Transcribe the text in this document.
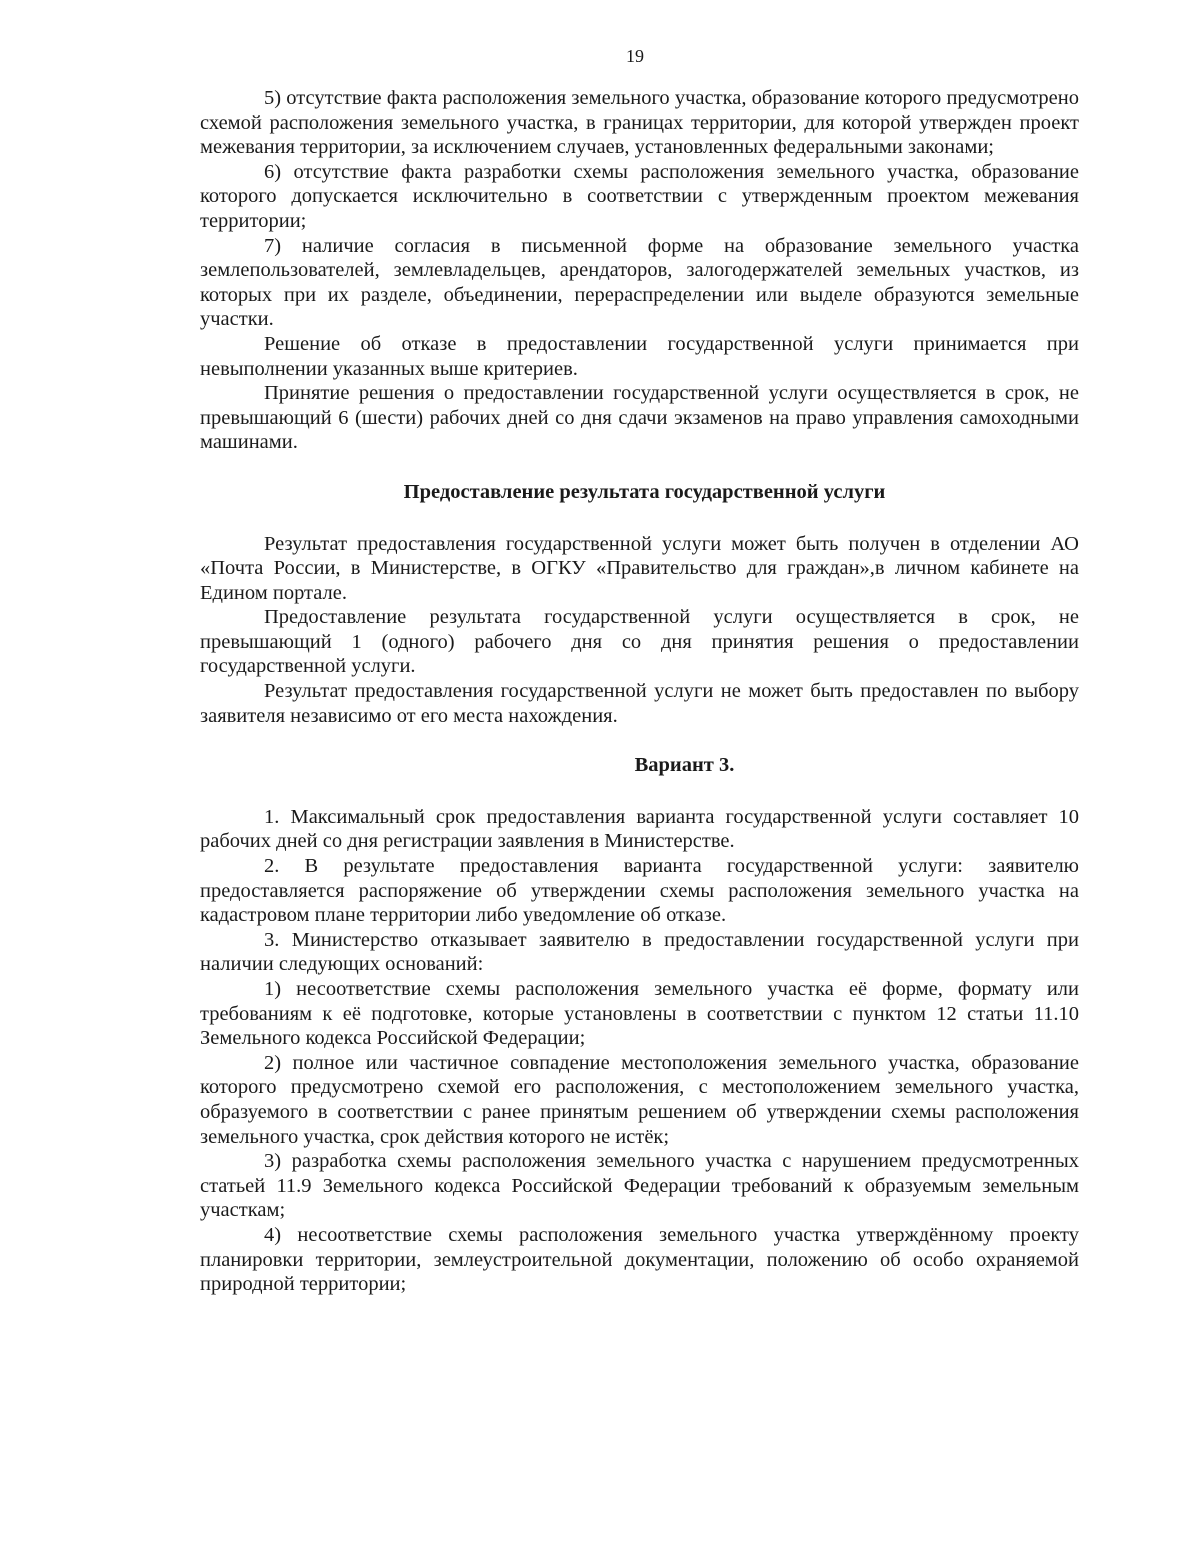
19

5) отсутствие факта расположения земельного участка, образование которого предусмотрено схемой расположения земельного участка, в границах территории, для которой утвержден проект межевания территории, за исключением случаев, установленных федеральными законами;

6) отсутствие факта разработки схемы расположения земельного участка, образование которого допускается исключительно в соответствии с утвержденным проектом межевания территории;

7) наличие согласия в письменной форме на образование земельного участка землепользователей, землевладельцев, арендаторов, залогодержателей земельных участков, из которых при их разделе, объединении, перераспределении или выделе образуются земельные участки.

Решение об отказе в предоставлении государственной услуги принимается при невыполнении указанных выше критериев.

Принятие решения о предоставлении государственной услуги осуществляется в срок, не превышающий 6 (шести) рабочих дней со дня сдачи экзаменов на право управления самоходными машинами.

Предоставление результата государственной услуги

Результат предоставления государственной услуги может быть получен в отделении АО «Почта России, в Министерстве, в ОГКУ «Правительство для граждан»,в личном кабинете на Едином портале.

Предоставление результата государственной услуги осуществляется в срок, не превышающий 1 (одного) рабочего дня со дня принятия решения о предоставлении государственной услуги.

Результат предоставления государственной услуги не может быть предоставлен по выбору заявителя независимо от его места нахождения.

Вариант 3.

1. Максимальный срок предоставления варианта государственной услуги составляет 10 рабочих дней со дня регистрации заявления в Министерстве.

2. В результате предоставления варианта государственной услуги: заявителю предоставляется распоряжение об утверждении схемы расположения земельного участка на кадастровом плане территории либо уведомление об отказе.

3. Министерство отказывает заявителю в предоставлении государственной услуги при наличии следующих оснований:

1) несоответствие схемы расположения земельного участка её форме, формату или требованиям к её подготовке, которые установлены в соответствии с пунктом 12 статьи 11.10 Земельного кодекса Российской Федерации;

2) полное или частичное совпадение местоположения земельного участка, образование которого предусмотрено схемой его расположения, с местоположением земельного участка, образуемого в соответствии с ранее принятым решением об утверждении схемы расположения земельного участка, срок действия которого не истёк;

3) разработка схемы расположения земельного участка с нарушением предусмотренных статьей 11.9 Земельного кодекса Российской Федерации требований к образуемым земельным участкам;

4) несоответствие схемы расположения земельного участка утверждённому проекту планировки территории, землеустроительной документации, положению об особо охраняемой природной территории;
